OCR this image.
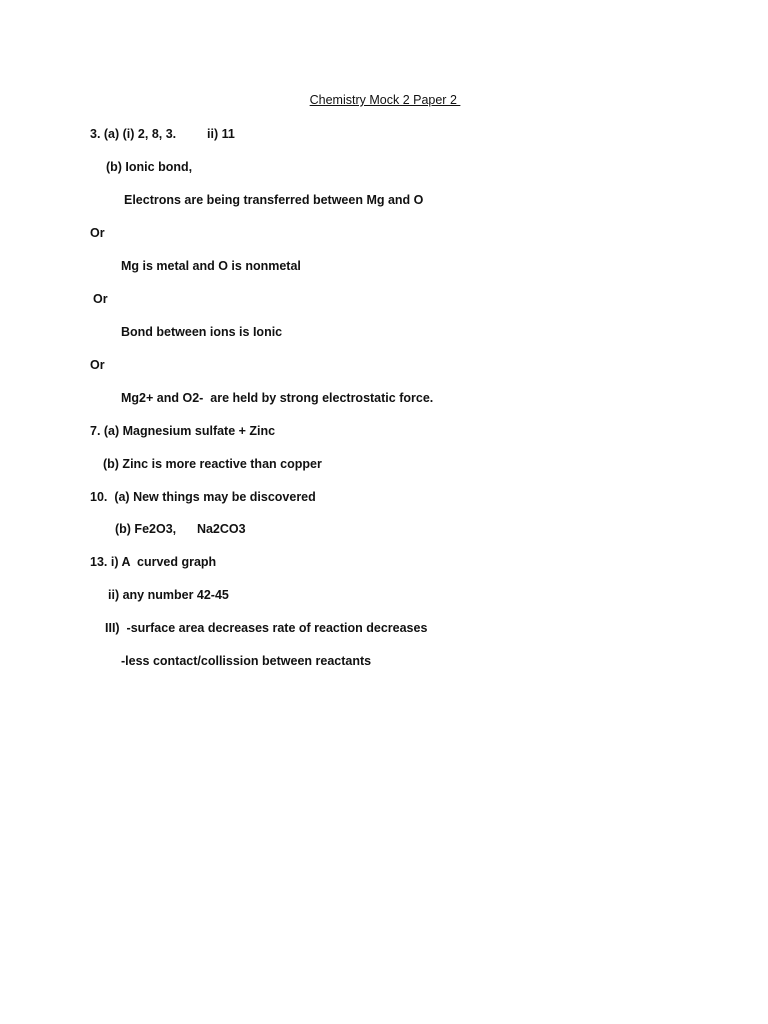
Chemistry Mock 2 Paper 2
3. (a) (i) 2, 8, 3. ii) 11
(b) Ionic bond,
Electrons are being transferred between Mg and O
Or
Mg is metal and O is nonmetal
Or
Bond between ions is Ionic
Or
Mg2+ and O2-  are held by strong electrostatic force.
7. (a) Magnesium sulfate + Zinc
(b) Zinc is more reactive than copper
10.  (a) New things may be discovered
(b) Fe2O3,      Na2CO3
13. i) A  curved graph
ii) any number 42-45
III)  -surface area decreases rate of reaction decreases
-less contact/collission between reactants
